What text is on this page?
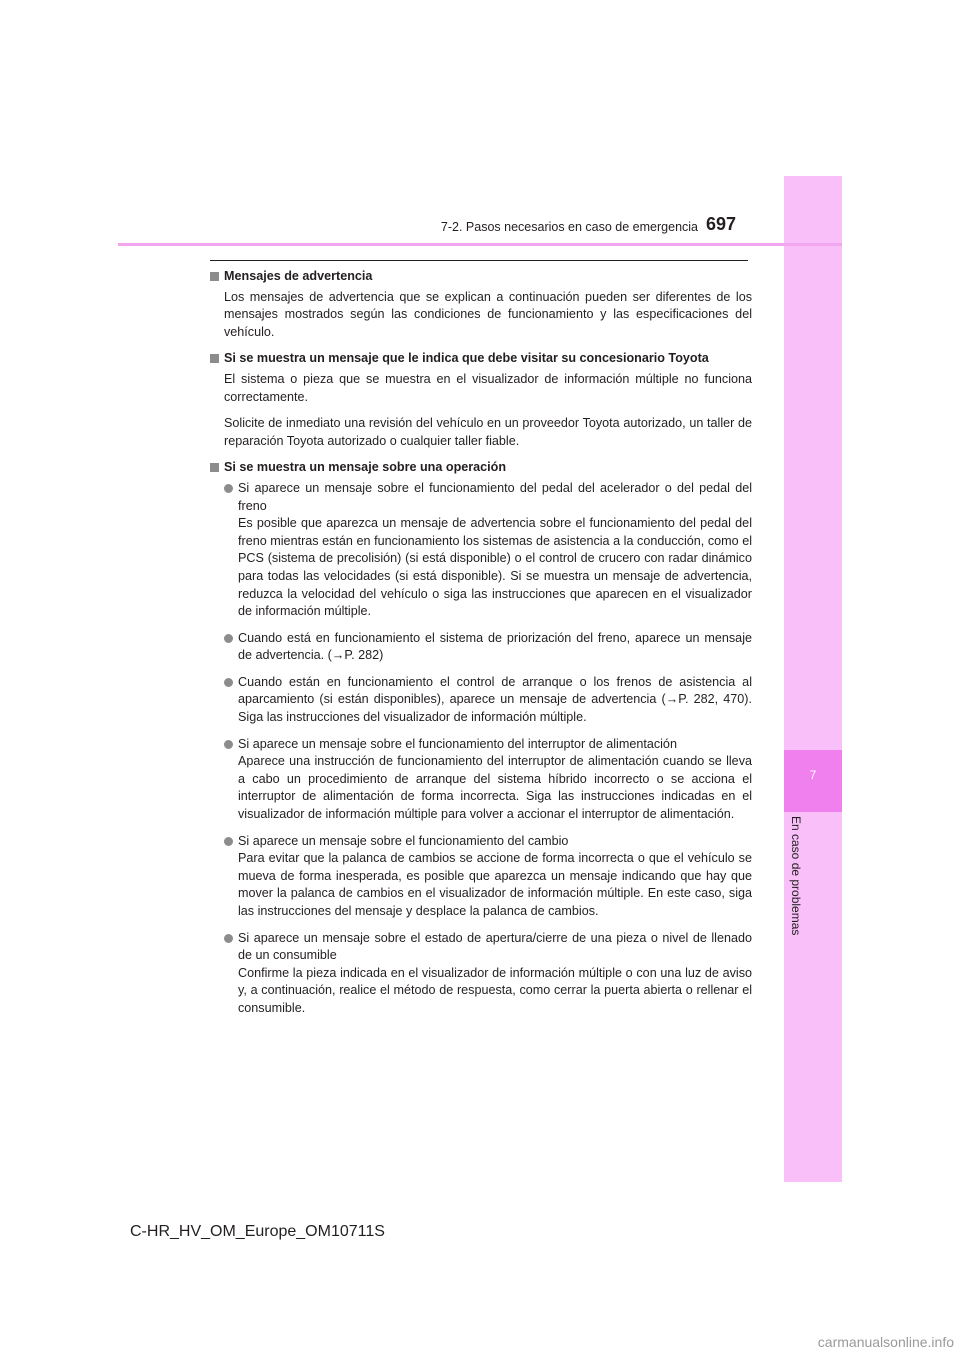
7
En caso de problemas
7-2. Pasos necesarios en caso de emergencia 697
Mensajes de advertencia

Los mensajes de advertencia que se explican a continuación pueden ser diferentes de los mensajes mostrados según las condiciones de funcionamiento y las especificaciones del vehículo.

Si se muestra un mensaje que le indica que debe visitar su concesionario Toyota

El sistema o pieza que se muestra en el visualizador de información múltiple no funciona correctamente.

Solicite de inmediato una revisión del vehículo en un proveedor Toyota autorizado, un taller de reparación Toyota autorizado o cualquier taller fiable.

Si se muestra un mensaje sobre una operación
Si aparece un mensaje sobre el funcionamiento del pedal del acelerador o del pedal del freno
Es posible que aparezca un mensaje de advertencia sobre el funcionamiento del pedal del freno mientras están en funcionamiento los sistemas de asistencia a la conducción, como el PCS (sistema de precolisión) (si está disponible) o el control de crucero con radar dinámico para todas las velocidades (si está disponible). Si se muestra un mensaje de advertencia, reduzca la velocidad del vehículo o siga las instrucciones que aparecen en el visualizador de información múltiple.
Cuando está en funcionamiento el sistema de priorización del freno, aparece un mensaje de advertencia. (→P. 282)
Cuando están en funcionamiento el control de arranque o los frenos de asistencia al aparcamiento (si están disponibles), aparece un mensaje de advertencia (→P. 282, 470). Siga las instrucciones del visualizador de información múltiple.
Si aparece un mensaje sobre el funcionamiento del interruptor de alimentación
Aparece una instrucción de funcionamiento del interruptor de alimentación cuando se lleva a cabo un procedimiento de arranque del sistema híbrido incorrecto o se acciona el interruptor de alimentación de forma incorrecta. Siga las instrucciones indicadas en el visualizador de información múltiple para volver a accionar el interruptor de alimentación.
Si aparece un mensaje sobre el funcionamiento del cambio
Para evitar que la palanca de cambios se accione de forma incorrecta o que el vehículo se mueva de forma inesperada, es posible que aparezca un mensaje indicando que hay que mover la palanca de cambios en el visualizador de información múltiple. En este caso, siga las instrucciones del mensaje y desplace la palanca de cambios.
Si aparece un mensaje sobre el estado de apertura/cierre de una pieza o nivel de llenado de un consumible
Confirme la pieza indicada en el visualizador de información múltiple o con una luz de aviso y, a continuación, realice el método de respuesta, como cerrar la puerta abierta o rellenar el consumible.
C-HR_HV_OM_Europe_OM10711S
carmanualsonline.info
